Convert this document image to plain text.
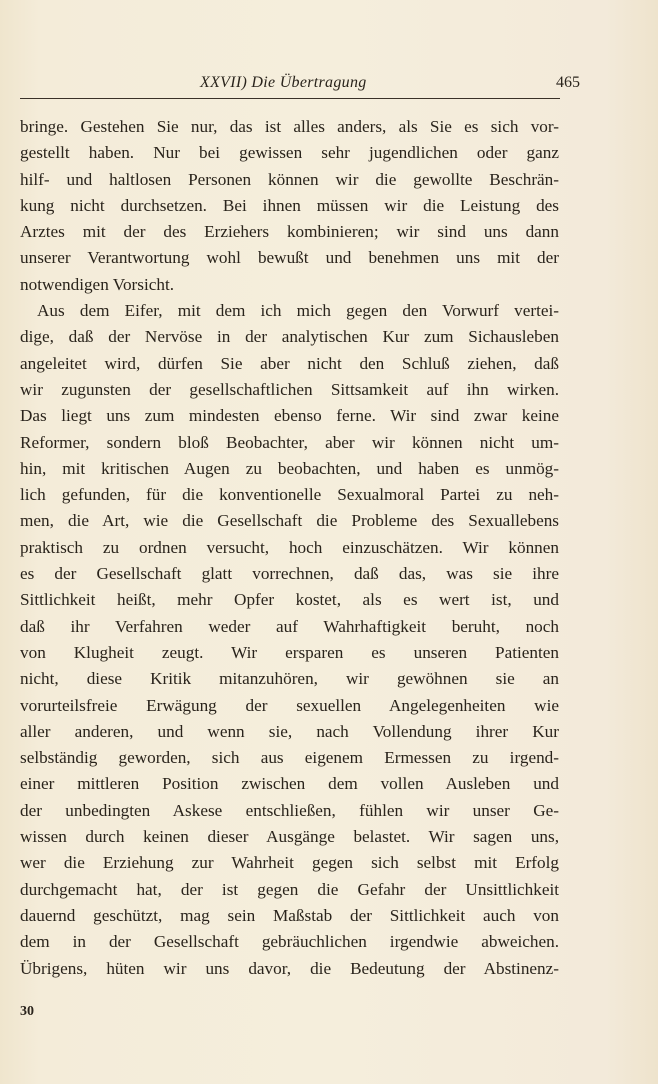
XXVII) Die Übertragung	465
bringe. Gestehen Sie nur, das ist alles anders, als Sie es sich vor-
gestellt haben. Nur bei gewissen sehr jugendlichen oder ganz
hilf- und haltlosen Personen können wir die gewollte Beschrän-
kung nicht durchsetzen. Bei ihnen müssen wir die Leistung des
Arztes mit der des Erziehers kombinieren; wir sind uns dann
unserer Verantwortung wohl bewußt und benehmen uns mit der
notwendigen Vorsicht.
Aus dem Eifer, mit dem ich mich gegen den Vorwurf vertei-
dige, daß der Nervöse in der analytischen Kur zum Sichausleben
angeleitet wird, dürfen Sie aber nicht den Schluß ziehen, daß
wir zugunsten der gesellschaftlichen Sittsamkeit auf ihn wirken.
Das liegt uns zum mindesten ebenso ferne. Wir sind zwar keine
Reformer, sondern bloß Beobachter, aber wir können nicht um-
hin, mit kritischen Augen zu beobachten, und haben es unmög-
lich gefunden, für die konventionelle Sexualmoral Partei zu neh-
men, die Art, wie die Gesellschaft die Probleme des Sexuallebens
praktisch zu ordnen versucht, hoch einzuschätzen. Wir können
es der Gesellschaft glatt vorrechnen, daß das, was sie ihre
Sittlichkeit heißt, mehr Opfer kostet, als es wert ist, und
daß ihr Verfahren weder auf Wahrhaftigkeit beruht, noch
von Klugheit zeugt. Wir ersparen es unseren Patienten
nicht, diese Kritik mitanzuhören, wir gewöhnen sie an
vorurteilsfreie Erwägung der sexuellen Angelegenheiten wie
aller anderen, und wenn sie, nach Vollendung ihrer Kur
selbständig geworden, sich aus eigenem Ermessen zu irgend-
einer mittleren Position zwischen dem vollen Ausleben und
der unbedingten Askese entschließen, fühlen wir unser Ge-
wissen durch keinen dieser Ausgänge belastet. Wir sagen uns,
wer die Erziehung zur Wahrheit gegen sich selbst mit Erfolg
durchgemacht hat, der ist gegen die Gefahr der Unsittlichkeit
dauernd geschützt, mag sein Maßstab der Sittlichkeit auch von
dem in der Gesellschaft gebräuchlichen irgendwie abweichen.
Übrigens, hüten wir uns davor, die Bedeutung der Abstinenz-
30
